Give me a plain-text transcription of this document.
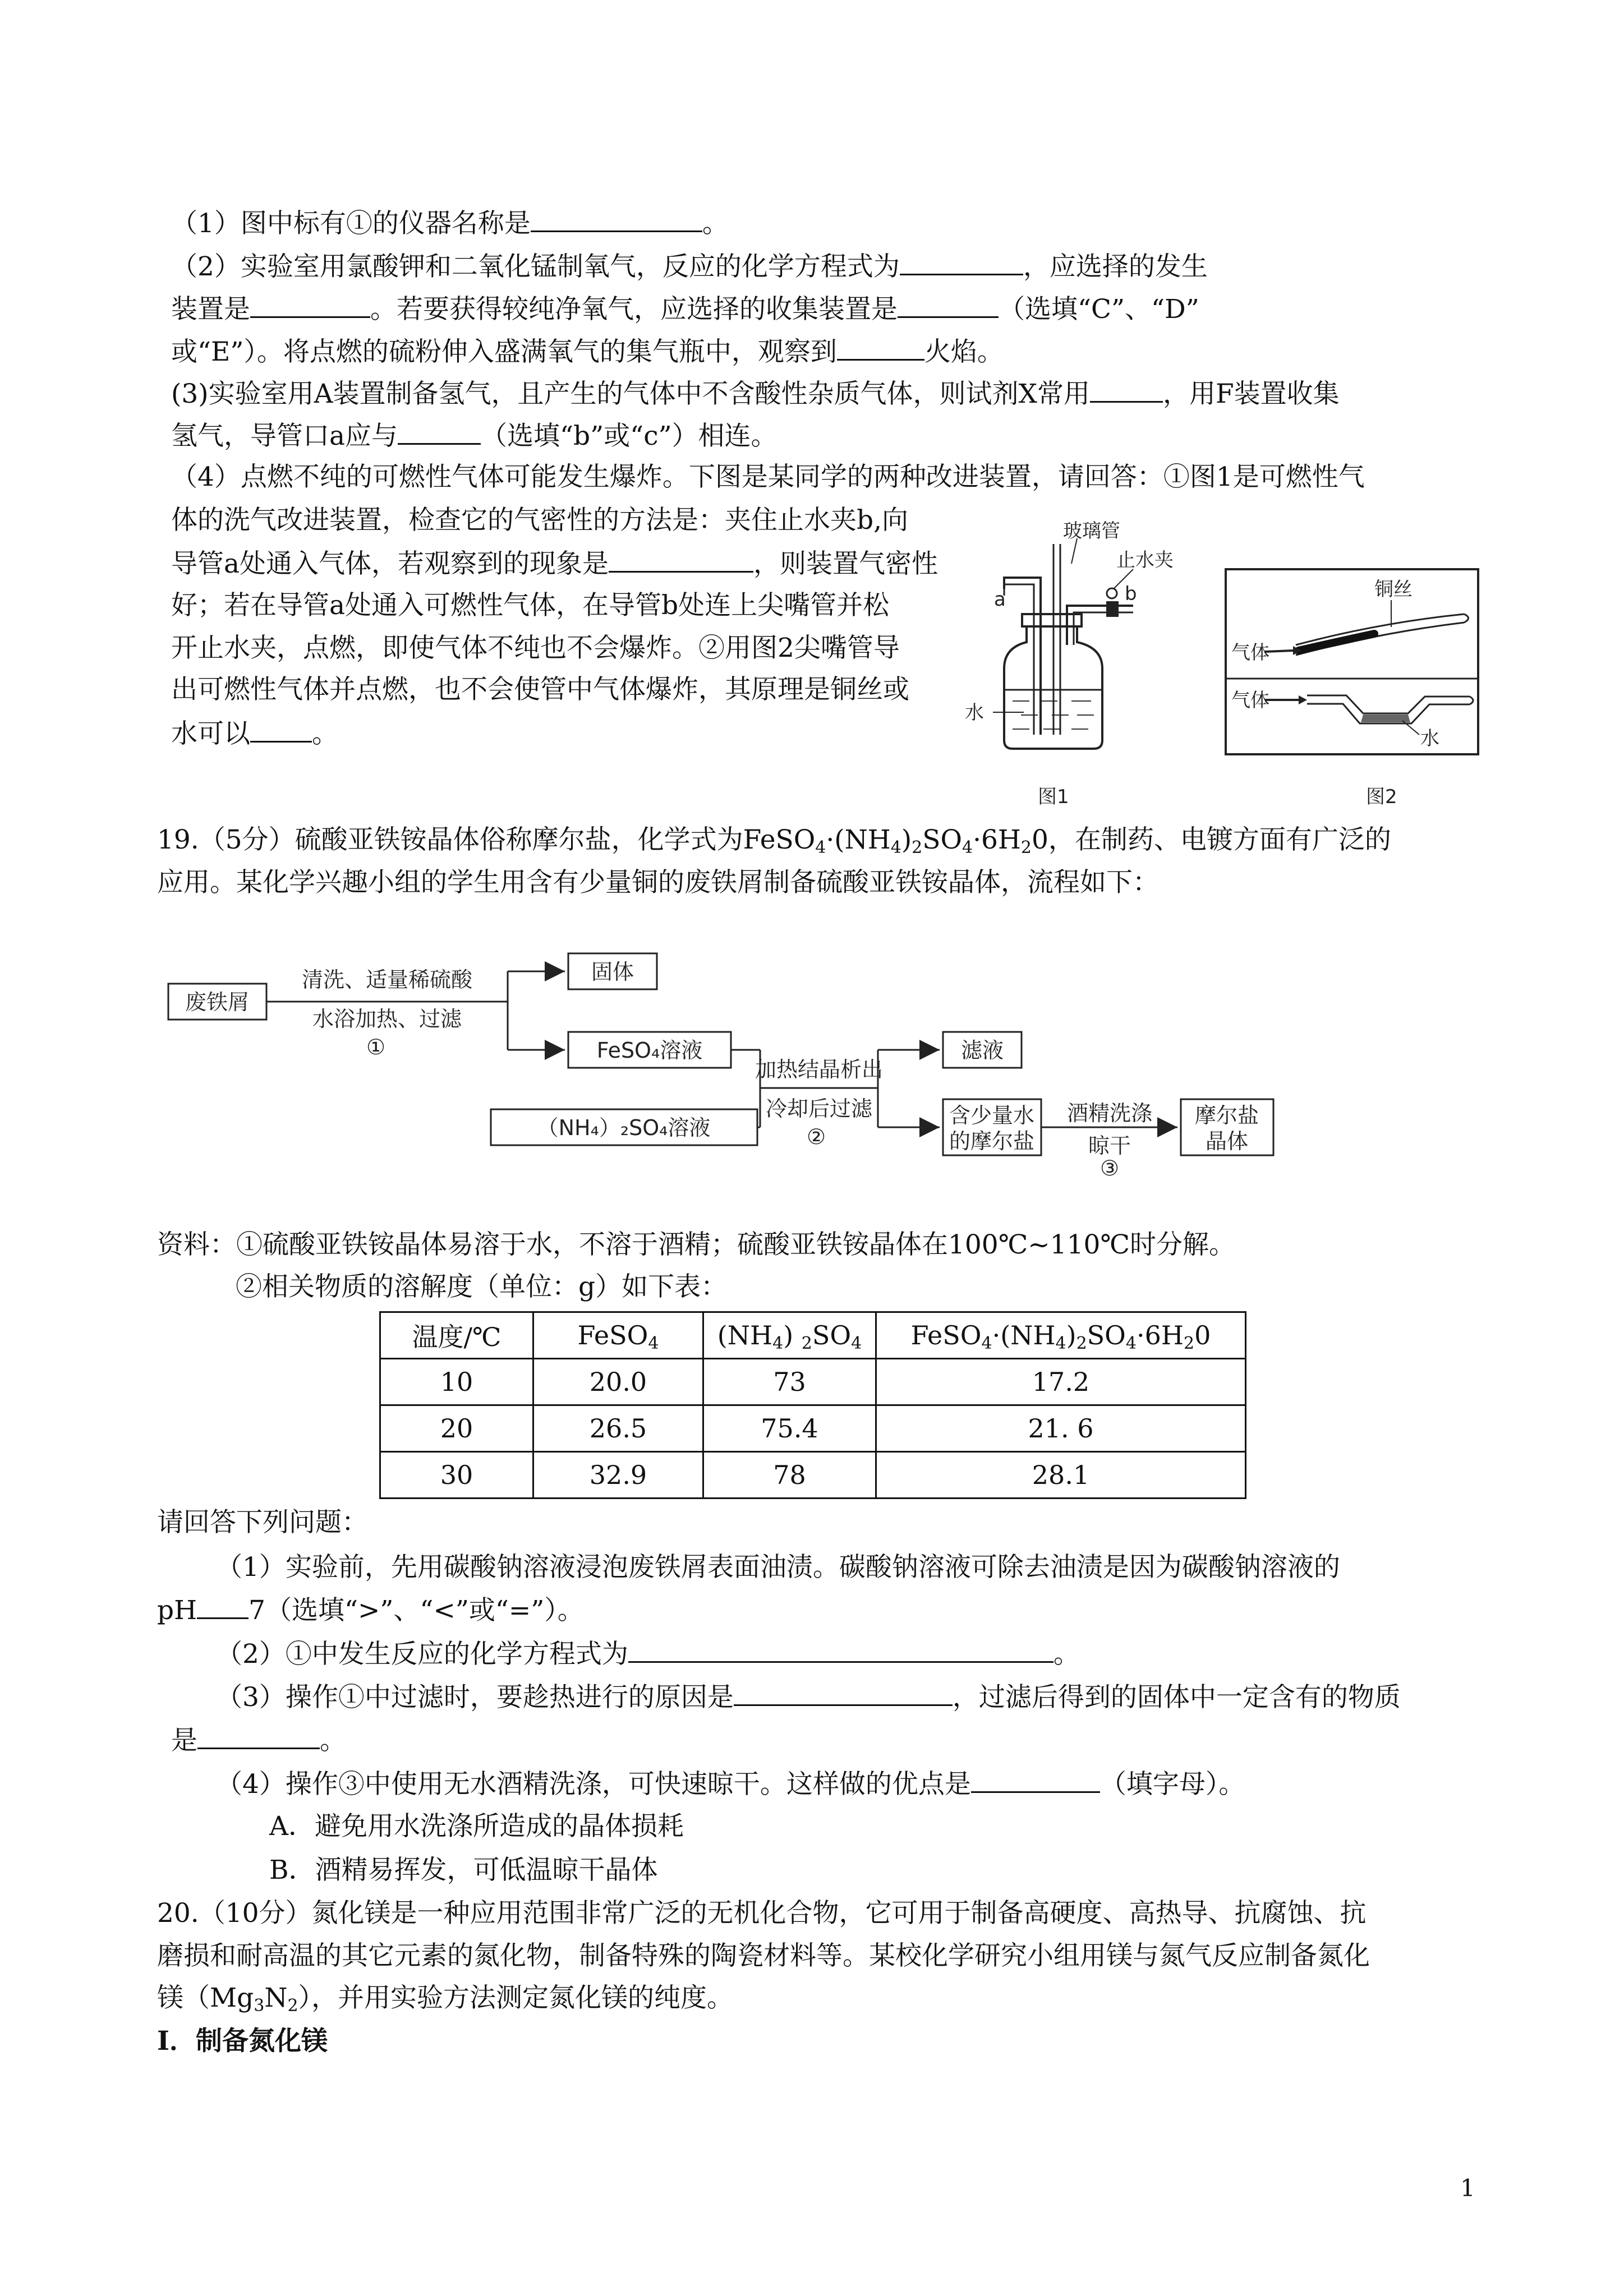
（1）图中标有①的仪器名称是	。
（2）实验室用氯酸钾和二氧化锰制氧气，反应的化学方程式为	，应选择的发生
装置是	。若要获得较纯净氧气，应选择的收集装置是	（选填“C”、“D”
或“E”）。将点燃的硫粉伸入盛满氧气的集气瓶中，观察到	火焰。
(3)实验室用A装置制备氢气，且产生的气体中不含酸性杂质气体，则试剂X常用	，用F装置收集
氢气，导管口a应与	（选填“b”或“c”）相连。
（4）点燃不纯的可燃性气体可能发生爆炸。下图是某同学的两种改进装置，请回答：①图1是可燃性气
体的洗气改进装置，检查它的气密性的方法是：夹住止水夹b,向
导管a处通入气体，若观察到的现象是	，则装置气密性
好；若在导管a处通入可燃性气体，在导管b处连上尖嘴管并松
开止水夹，点燃，即使气体不纯也不会爆炸。②用图2尖嘴管导
出可燃性气体并点燃，也不会使管中气体爆炸，其原理是铜丝或
水可以 。
玻璃管
止水夹
a	b
水
图1
铜丝
气体
气体
水
图2
19.（5分）硫酸亚铁铵晶体俗称摩尔盐，化学式为$FeSO_4\cdot(NH_4)_2SO_4\cdot 6H_20$，在制药、电镀方面有广泛的
应用。某化学兴趣小组的学生用含有少量铜的废铁屑制备硫酸亚铁铵晶体，流程如下：
废铁屑
清洗、适量稀硫酸
水浴加热、过滤
①
固体
FeSO₄溶液
（NH₄）₂SO₄溶液
加热结晶析出
冷却后过滤
②
滤液
含少量水
的摩尔盐
酒精洗涤
晾干
③
摩尔盐
晶体
资料：①硫酸亚铁铵晶体易溶于水，不溶于酒精；硫酸亚铁铵晶体在100℃~110℃时分解。
②相关物质的溶解度（单位：g）如下表：
温度/℃	FeSO$_4$	$(NH_4)$ $_2SO_4$	$FeSO_4\cdot(NH_4)_2SO_4\cdot 6H_20$
10	20.0	73	17.2
20	26.5	75.4	21. 6
30	32.9	78	28.1
请回答下列问题：
（1）实验前，先用碳酸钠溶液浸泡废铁屑表面油渍。碳酸钠溶液可除去油渍是因为碳酸钠溶液的
pH 7（选填“>”、“<”或“=”）。
（2）①中发生反应的化学方程式为	。
（3）操作①中过滤时，要趁热进行的原因是	，过滤后得到的固体中一定含有的物质
是	。
（4）操作③中使用无水酒精洗涤，可快速晾干。这样做的优点是	（填字母）。
A．避免用水洗涤所造成的晶体损耗
B．酒精易挥发，可低温晾干晶体
20.（10分）氮化镁是一种应用范围非常广泛的无机化合物，它可用于制备高硬度、高热导、抗腐蚀、抗
磨损和耐高温的其它元素的氮化物，制备特殊的陶瓷材料等。某校化学研究小组用镁与氮气反应制备氮化
镁$(Mg_3N_2)$，并用实验方法测定氮化镁的纯度。
I．制备氮化镁
1
